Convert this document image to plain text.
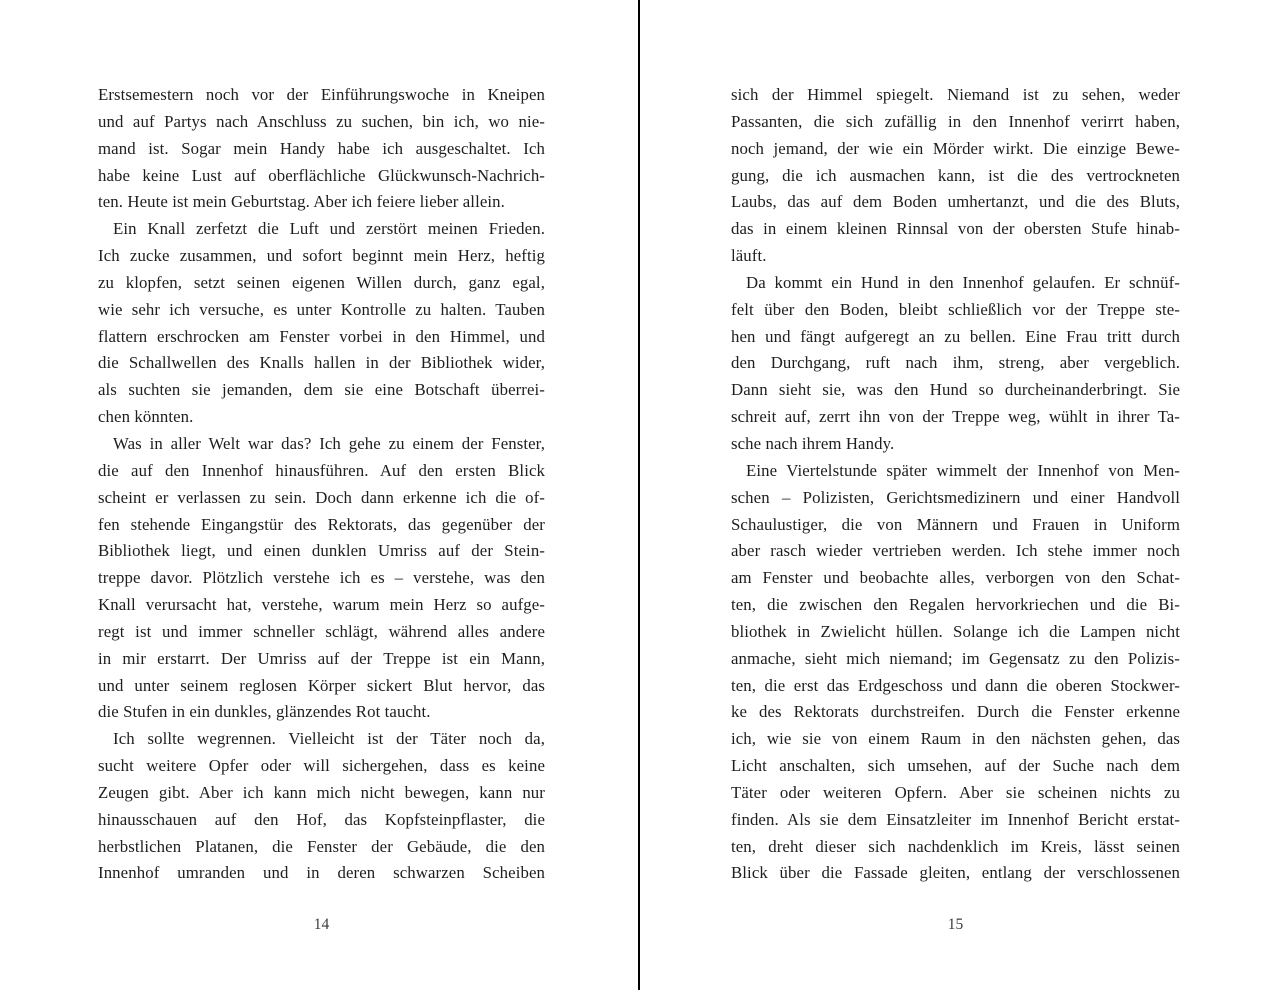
Erstsemestern noch vor der Einführungswoche in Kneipen
und auf Partys nach Anschluss zu suchen, bin ich, wo nie-
mand ist. Sogar mein Handy habe ich ausgeschaltet. Ich
habe keine Lust auf oberflächliche Glückwunsch-Nachrich-
ten. Heute ist mein Geburtstag. Aber ich feiere lieber allein.
Ein Knall zerfetzt die Luft und zerstört meinen Frieden.
Ich zucke zusammen, und sofort beginnt mein Herz, heftig
zu klopfen, setzt seinen eigenen Willen durch, ganz egal,
wie sehr ich versuche, es unter Kontrolle zu halten. Tauben
flattern erschrocken am Fenster vorbei in den Himmel, und
die Schallwellen des Knalls hallen in der Bibliothek wider,
als suchten sie jemanden, dem sie eine Botschaft überrei-
chen könnten.
Was in aller Welt war das? Ich gehe zu einem der Fenster,
die auf den Innenhof hinausführen. Auf den ersten Blick
scheint er verlassen zu sein. Doch dann erkenne ich die of-
fen stehende Eingangstür des Rektorats, das gegenüber der
Bibliothek liegt, und einen dunklen Umriss auf der Stein-
treppe davor. Plötzlich verstehe ich es – verstehe, was den
Knall verursacht hat, verstehe, warum mein Herz so aufge-
regt ist und immer schneller schlägt, während alles andere
in mir erstarrt. Der Umriss auf der Treppe ist ein Mann,
und unter seinem reglosen Körper sickert Blut hervor, das
die Stufen in ein dunkles, glänzendes Rot taucht.
Ich sollte wegrennen. Vielleicht ist der Täter noch da,
sucht weitere Opfer oder will sichergehen, dass es keine
Zeugen gibt. Aber ich kann mich nicht bewegen, kann nur
hinausschauen auf den Hof, das Kopfsteinpflaster, die
herbstlichen Platanen, die Fenster der Gebäude, die den
Innenhof umranden und in deren schwarzen Scheiben
14
sich der Himmel spiegelt. Niemand ist zu sehen, weder
Passanten, die sich zufällig in den Innenhof verirrt haben,
noch jemand, der wie ein Mörder wirkt. Die einzige Bewe-
gung, die ich ausmachen kann, ist die des vertrockneten
Laubs, das auf dem Boden umhertanzt, und die des Bluts,
das in einem kleinen Rinnsal von der obersten Stufe hinab-
läuft.
Da kommt ein Hund in den Innenhof gelaufen. Er schnüf-
felt über den Boden, bleibt schließlich vor der Treppe ste-
hen und fängt aufgeregt an zu bellen. Eine Frau tritt durch
den Durchgang, ruft nach ihm, streng, aber vergeblich.
Dann sieht sie, was den Hund so durcheinanderbringt. Sie
schreit auf, zerrt ihn von der Treppe weg, wühlt in ihrer Ta-
sche nach ihrem Handy.
Eine Viertelstunde später wimmelt der Innenhof von Men-
schen – Polizisten, Gerichtsmedizinern und einer Handvoll
Schaulustiger, die von Männern und Frauen in Uniform
aber rasch wieder vertrieben werden. Ich stehe immer noch
am Fenster und beobachte alles, verborgen von den Schat-
ten, die zwischen den Regalen hervorkriechen und die Bi-
bliothek in Zwielicht hüllen. Solange ich die Lampen nicht
anmache, sieht mich niemand; im Gegensatz zu den Polizis-
ten, die erst das Erdgeschoss und dann die oberen Stockwer-
ke des Rektorats durchstreifen. Durch die Fenster erkenne
ich, wie sie von einem Raum in den nächsten gehen, das
Licht anschalten, sich umsehen, auf der Suche nach dem
Täter oder weiteren Opfern. Aber sie scheinen nichts zu
finden. Als sie dem Einsatzleiter im Innenhof Bericht erstat-
ten, dreht dieser sich nachdenklich im Kreis, lässt seinen
Blick über die Fassade gleiten, entlang der verschlossenen
15
